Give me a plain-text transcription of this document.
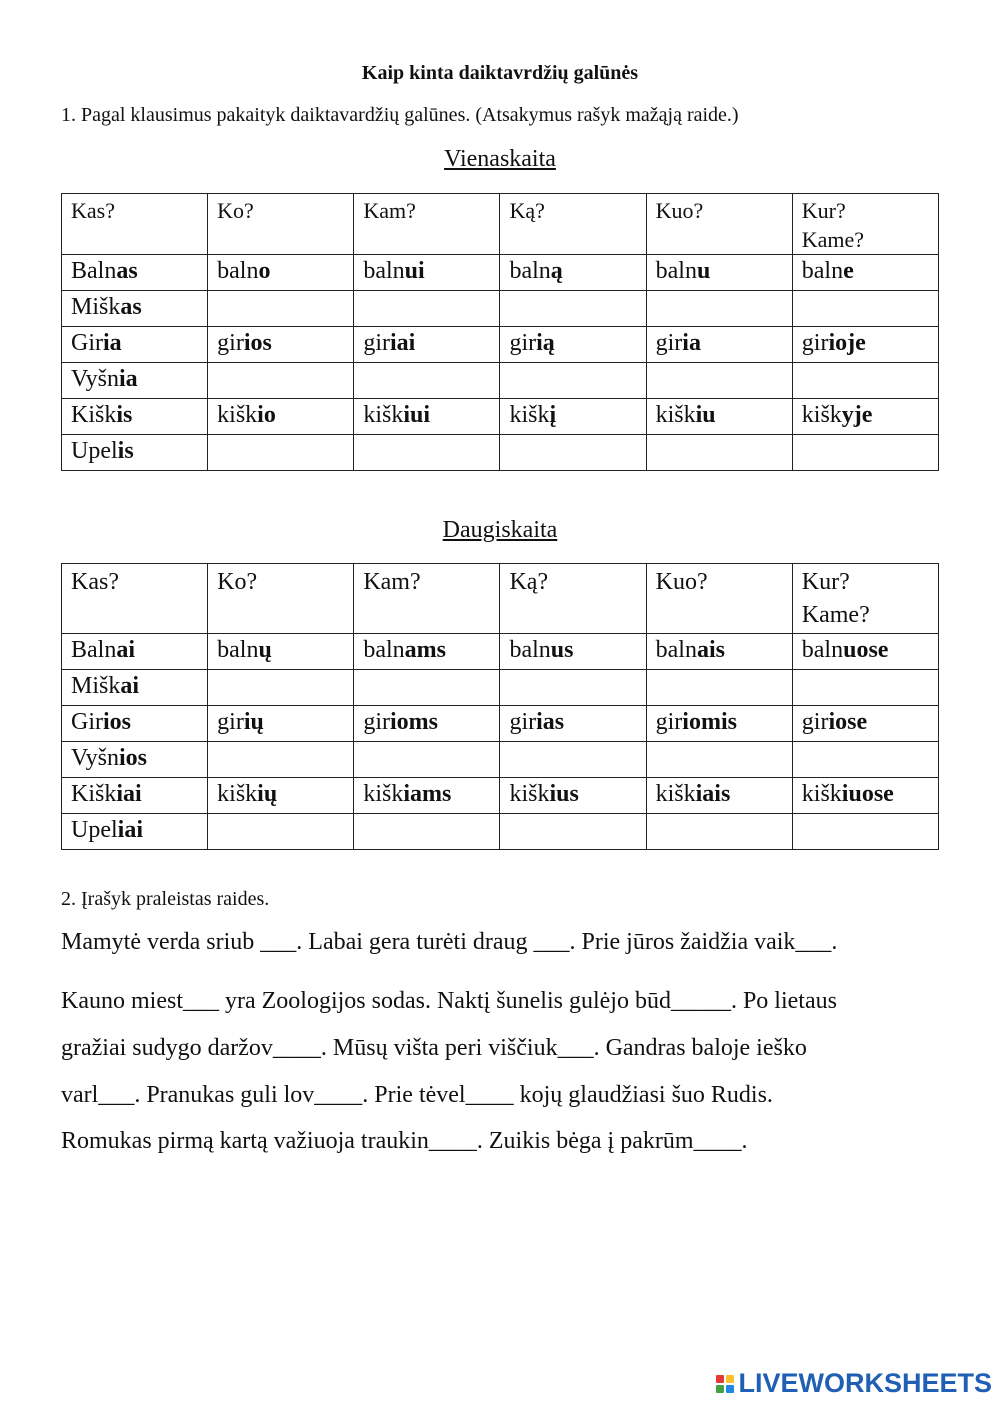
Kaip kinta daiktavrdžių galūnės
1. Pagal klausimus pakaityk daiktavardžių galūnes. (Atsakymus rašyk mažąją raide.)
Vienaskaita
Kas?	Ko?	Kam?	Ką?	Kuo?	Kur?
Kame?
Balnas	balno	balnui	balną	balnu	balne
Miškas					
Giria	girios	giriai	girią	giria	girioje
Vyšnia					
Kiškis	kiškio	kiškiui	kiškį	kiškiu	kiškyje
Upelis					
Daugiskaita
Kas?	Ko?	Kam?	Ką?	Kuo?	Kur?
Kame?
Balnai	balnų	balnams	balnus	balnais	balnuose
Miškai					
Girios	girių	girioms	girias	giriomis	giriose
Vyšnios					
Kiškiai	kiškių	kiškiams	kiškius	kiškiais	kiškiuose
Upeliai					
2. Įrašyk praleistas raides.
Mamytė verda sriub ___. Labai gera turėti draug ___. Prie jūros žaidžia vaik___.
Kauno miest___ yra Zoologijos sodas. Naktį šunelis gulėjo būd_____. Po lietaus
gražiai sudygo daržov____. Mūsų višta peri viščiuk___. Gandras baloje ieško
varl___. Pranukas guli lov____. Prie tėvel____ kojų glaudžiasi šuo Rudis.
Romukas pirmą kartą važiuoja traukin____. Zuikis bėga į pakrūm____.
LIVEWORKSHEETS
